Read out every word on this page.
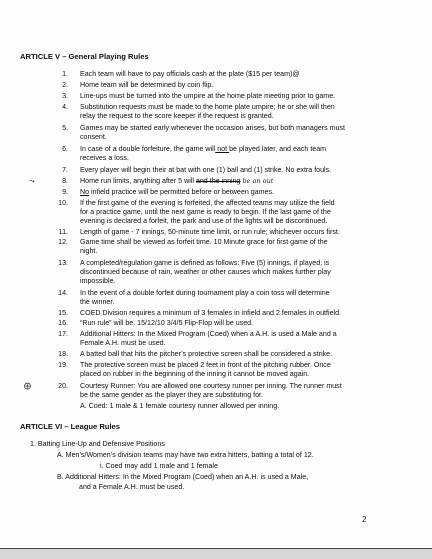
ARTICLE V – General Playing Rules
1. Each team will have to pay officials cash at the plate ($15 per team)@
2. Home team will be determined by coin flip.
3. Line-ups must be turned into the umpire at the home plate meeting prior to game.
4. Substitution requests must be made to the home plate umpire; he or she will then
relay the request to the score keeper if the request is granted.
5. Games may be started early whenever the occasion arises, but both managers must
consent.
6. In case of a double forfeiture, the game will not be played later, and each team
receives a loss.
7. Every player will begin their at bat with one (1) ball and (1) strike. No extra fouls.
⤳	8. Home run limits, anything after 5 will and the inning be an out
9. No infield practice will be permitted before or between games.
10. If the first game of the evening is forfeited, the affected teams may utilize the field
for a practice game, until the next game is ready to begin. If the last game of the
evening is declared a forfeit, the park and use of the lights will be discontinued.
11. Length of game - 7 innings, 50-minute time limit, or run rule; whichever occurs first.
12. Game time shall be viewed as forfeit time. 10 Minute grace for first game of the
night.
13. A completed/regulation game is defined as follows: Five (5) innings, if played, is
discontinued because of rain, weather or other causes which makes further play
impossible.
14. In the event of a double forfeit during tournament play a coin toss will determine
the winner.
15. COED Division requires a minimum of 3 females in infield and 2 females in outfield.
16. “Run rule” will be. 15/12/10 3/4/5 Flip-Flop will be used.
17. Additional Hitters: In the Mixed Program (Coed) when a A.H. is used a Male and a
Female A.H. must be used.
18. A batted ball that hits the pitcher’s protective screen shall be considered a strike.
19. The protective screen must be placed 2 feet in front of the pitching rubber. Once
placed on rubber in the beginning of the inning it cannot be moved again.
⨁	20. Courtesy Runner: You are allowed one courtesy runner per inning. The runner must
be the same gender as the player they are substituting for.
A. Coed: 1 male & 1 female courtesy runner allowed per inning.
ARTICLE VI – League Rules
1. Batting Line-Up and Defensive Positions
A. Men’s/Women’s division teams may have two extra hitters, batting a total of 12.
i. Coed may add 1 male and 1 female
B. Additional Hitters: In the Mixed Program (Coed) when an A.H. is used a Male,
and a Female A.H. must be used.
2
